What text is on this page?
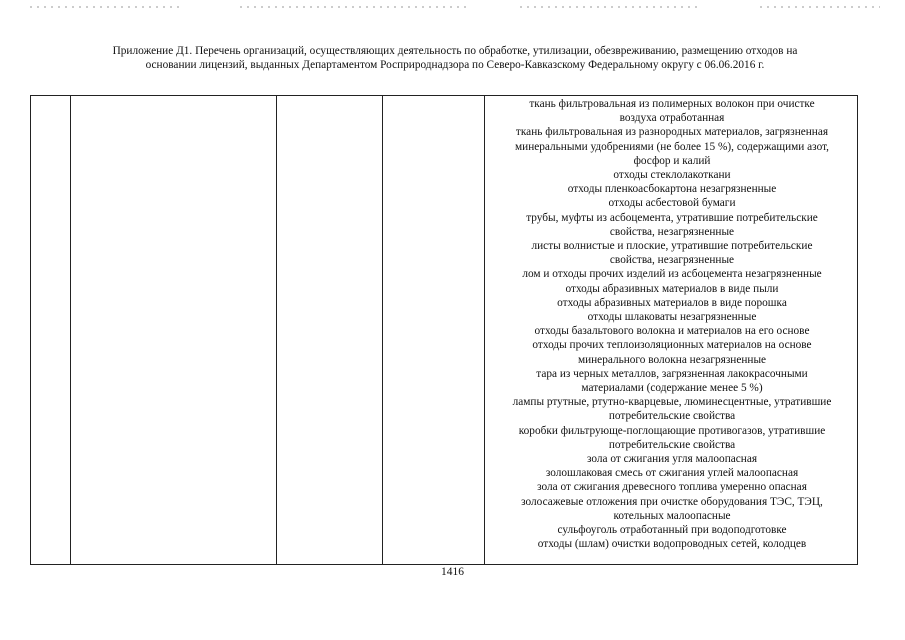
Приложение Д1. Перечень организаций, осуществляющих деятельность по обработке, утилизации, обезвреживанию, размещению отходов на
основании лицензий, выданных Департаментом Росприроднадзора по Северо-Кавказскому Федеральному округу с 06.06.2016 г.
ткань фильтровальная из полимерных волокон при очистке
воздуха отработанная
ткань фильтровальная из разнородных материалов, загрязненная
минеральными удобрениями (не более 15 %), содержащими азот,
фосфор и калий
отходы стеклолакоткани
отходы пленкоасбокартона незагрязненные
отходы асбестовой бумаги
трубы, муфты из асбоцемента, утратившие потребительские
свойства, незагрязненные
листы волнистые и плоские, утратившие потребительские
свойства, незагрязненные
лом и отходы прочих изделий из асбоцемента незагрязненные
отходы абразивных материалов в виде пыли
отходы абразивных материалов в виде порошка
отходы шлаковаты незагрязненные
отходы базальтового волокна и материалов на его основе
отходы прочих теплоизоляционных материалов на основе
минерального волокна незагрязненные
тара из черных металлов, загрязненная лакокрасочными
материалами (содержание менее 5 %)
лампы ртутные, ртутно-кварцевые, люминесцентные, утратившие
потребительские свойства
коробки фильтрующе-поглощающие противогазов, утратившие
потребительские свойства
зола от сжигания угля малоопасная
золошлаковая смесь от сжигания углей малоопасная
зола от сжигания древесного топлива умеренно опасная
золосажевые отложения при очистке оборудования ТЭС, ТЭЦ,
котельных малоопасные
сульфоуголь отработанный при водоподготовке
отходы (шлам) очистки водопроводных сетей, колодцев
1416
